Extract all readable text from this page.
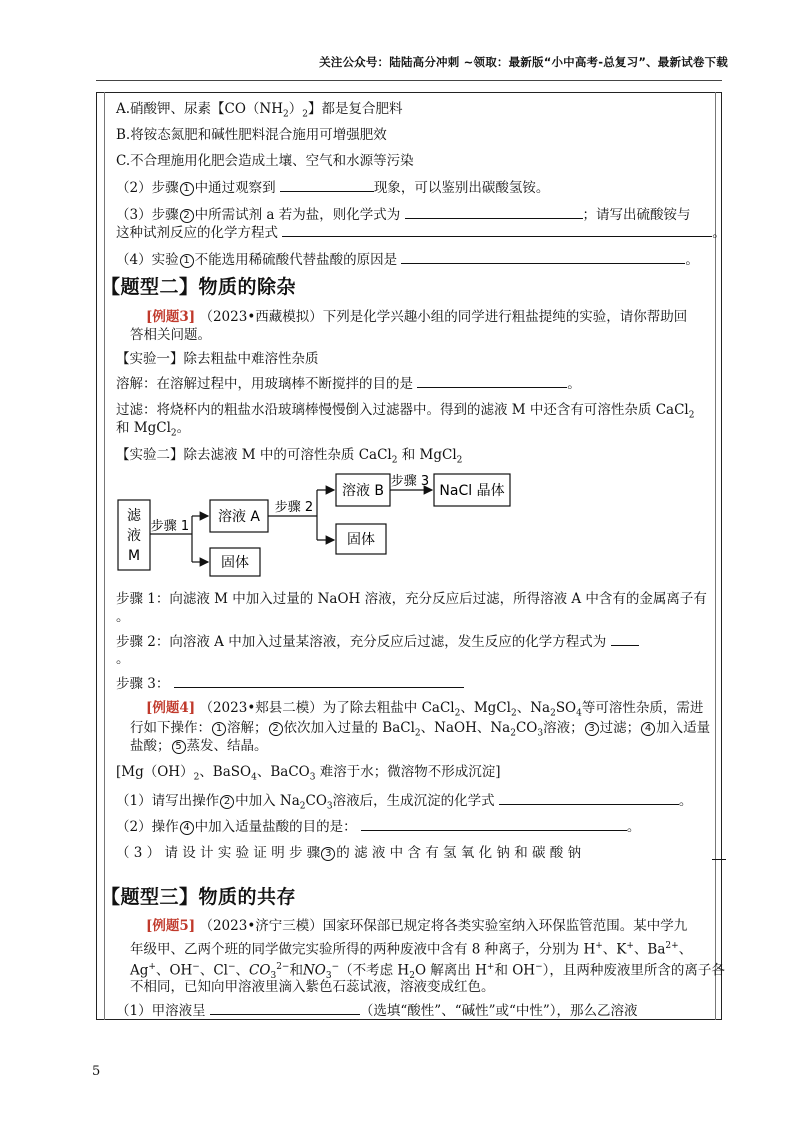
关注公众号：陆陆高分冲刺 ~领取：最新版“小中高考-总复习”、最新试卷下载
A.硝酸钾、尿素【$CO(NH_2)_2$】都是复合肥料
B.将铵态氮肥和碱性肥料混合施用可增强肥效
C.不合理施用化肥会造成土壤、空气和水源等污染
（2）步骤 1 中通过观察到	现象，可以鉴别出碳酸氢铵。
（3）步骤 2 中所需试剂 a 若为盐，则化学式为	；请写出硫酸铵与
这种试剂反应的化学方程式	。
（4）实验 1 不能选用稀硫酸代替盐酸的原因是	。
【题型二】物质的除杂
[例题3] （2023•西藏模拟）下列是化学兴趣小组的同学进行粗盐提纯的实验，请你帮助回
答相关问题。
【实验一】除去粗盐中难溶性杂质
溶解：在溶解过程中，用玻璃棒不断搅拌的目的是	。
过滤：将烧杯内的粗盐水沿玻璃棒慢慢倒入过滤器中。得到的滤液 M 中还含有可溶性杂质 CaCl$_2$
和 MgCl$_2$。
【实验二】除去滤液 M 中的可溶性杂质 CaCl$_2$ 和 MgCl$_2$
滤
液
M
步骤 1
溶液 A
固体
步骤 2
溶液 B
固体
步骤 3
NaCl 晶体
步骤 1：向滤液 M 中加入过量的 NaOH 溶液，充分反应后过滤，所得溶液 A 中含有的金属离子有
。
步骤 2：向溶液 A 中加入过量某溶液，充分反应后过滤，发生反应的化学方程式为
。
步骤 3：
[例题4] （2023•郏县二模）为了除去粗盐中 CaCl$_2$、MgCl$_2$、$Na_2SO_4$等可溶性杂质，需进
行如下操作： 1 溶解； 2 依次加入过量的 BaCl$_2$、NaOH、$Na_2CO_3$溶液； 3 过滤； 4 加入适量
盐酸； 5 蒸发、结晶。
[$Mg(OH)_2$、BaSO$_4$、BaCO$_3$ 难溶于水；微溶物不形成沉淀]
（1）请写出操作 2 中加入 $Na_2CO_3$溶液后，生成沉淀的化学式	。
（2）操作 4 中加入适量盐酸的目的是：	。
（ 3 ） 请 设 计 实 验 证 明 步 骤 3 的 滤 液 中 含 有 氢 氧 化 钠 和 碳 酸 钠
【题型三】物质的共存
[例题5] （2023•济宁三模）国家环保部已规定将各类实验室纳入环保监管范围。某中学九
年级甲、乙两个班的同学做完实验所得的两种废液中含有 8 种离子，分别为 H+、K+、$Ba^{2+}$、
Ag+、OH−、Cl−、$CO_3^{2-}$和$NO_3^-$（不考虑 $H_2O$ 解离出 H+和 OH−），且两种废液里所含的离子各
不相同，已知向甲溶液里滴入紫色石蕊试液，溶液变成红色。
（1）甲溶液呈	（选填“酸性”、“碱性”或“中性”），那么乙溶液
5
